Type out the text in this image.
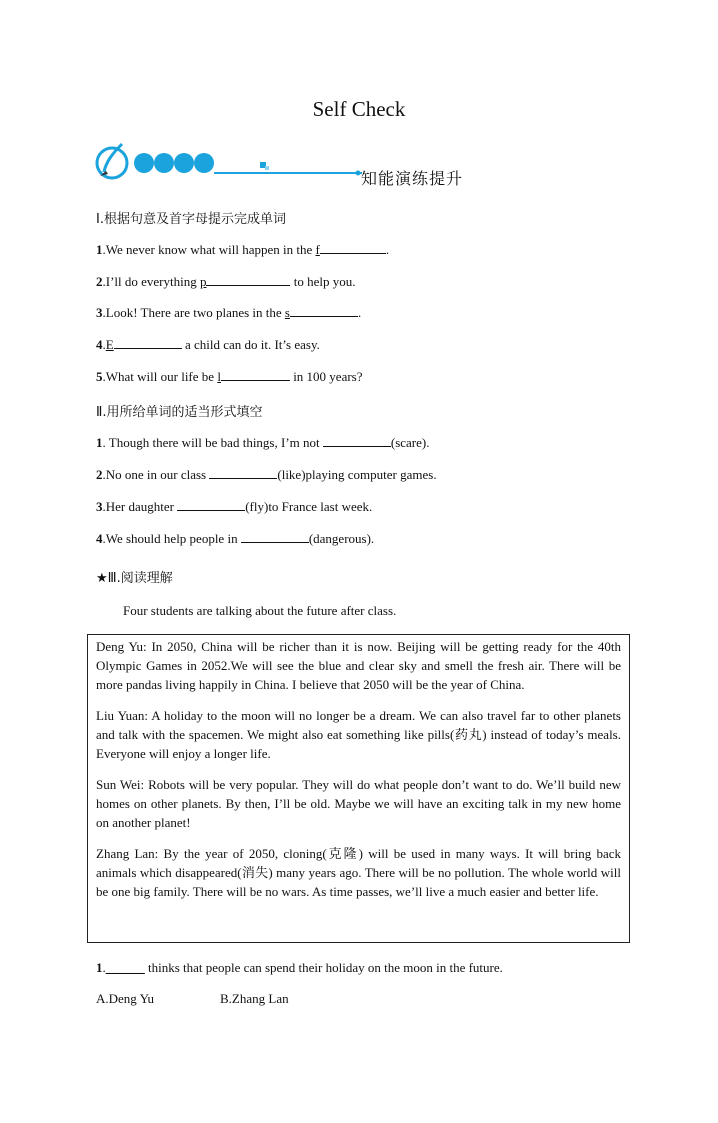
Self Check
知能演练提升
Ⅰ.根据句意及首字母提示完成单词
1.We never know what will happen in the f	.
2.I’ll do everything p	to help you.
3.Look! There are two planes in the s	.
4.E	a child can do it. It’s easy.
5.What will our life be l	in 100 years?
Ⅱ.用所给单词的适当形式填空
1. Though there will be bad things, I’m not	(scare).
2.No one in our class	(like)playing computer games.
3.Her daughter	(fly)to France last week.
4.We should help people in	(dangerous).
★Ⅲ.阅读理解
Four students are talking about the future after class.

Deng Yu: In 2050, China will be richer than it is now. Beijing will be getting ready for the 40th Olympic Games in 2052.We will see the blue and clear sky and smell the fresh air. There will be more pandas living happily in China. I believe that 2050 will be the year of China.

Liu Yuan: A holiday to the moon will no longer be a dream. We can also travel far to other planets and talk with the spacemen. We might also eat something like pills(药丸) instead of today’s meals. Everyone will enjoy a longer life.

Sun Wei: Robots will be very popular. They will do what people don’t want to do. We’ll build new homes on other planets. By then, I’ll be old. Maybe we will have an exciting talk in my new home on another planet!

Zhang Lan: By the year of 2050, cloning(克隆) will be used in many ways. It will bring back animals which disappeared(消失) many years ago. There will be no pollution. The whole world will be one big family. There will be no wars. As time passes, we’ll live a much easier and better life.

1.______ thinks that people can spend their holiday on the moon in the future.
A.Deng Yu	B.Zhang Lan
